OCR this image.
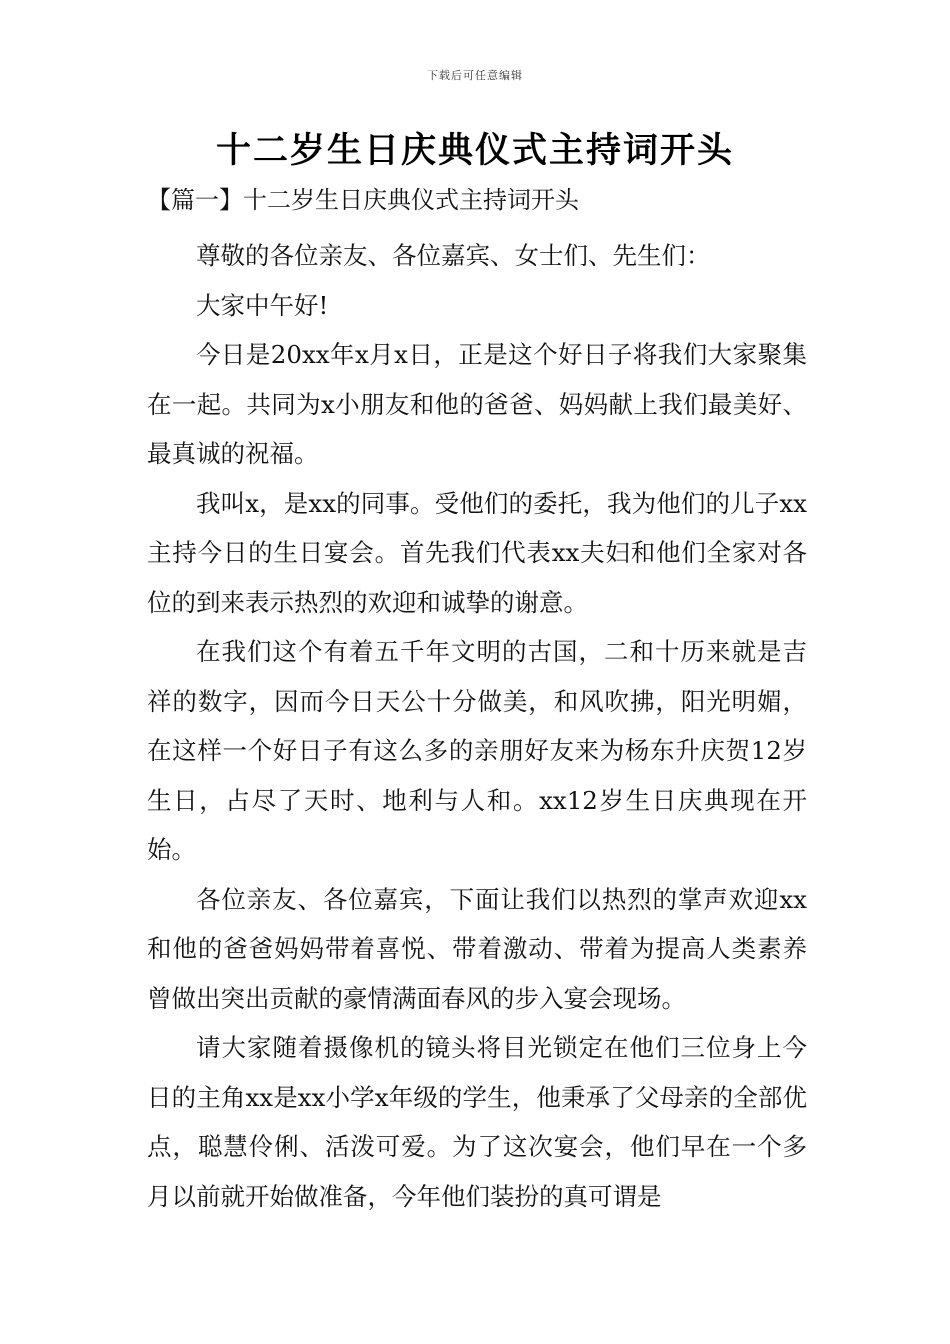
下载后可任意编辑
十二岁生日庆典仪式主持词开头
【篇一】十二岁生日庆典仪式主持词开头

尊敬的各位亲友、各位嘉宾、女士们、先生们：

大家中午好!

今日是20xx年x月x日，正是这个好日子将我们大家聚集在一起。共同为x小朋友和他的爸爸、妈妈献上我们最美好、最真诚的祝福。

我叫x，是xx的同事。受他们的委托，我为他们的儿子xx主持今日的生日宴会。首先我们代表xx夫妇和他们全家对各位的到来表示热烈的欢迎和诚挚的谢意。

在我们这个有着五千年文明的古国，二和十历来就是吉祥的数字，因而今日天公十分做美，和风吹拂，阳光明媚，在这样一个好日子有这么多的亲朋好友来为杨东升庆贺12岁生日，占尽了天时、地利与人和。xx12岁生日庆典现在开始。

各位亲友、各位嘉宾，下面让我们以热烈的掌声欢迎xx和他的爸爸妈妈带着喜悦、带着激动、带着为提高人类素养曾做出突出贡献的豪情满面春风的步入宴会现场。

请大家随着摄像机的镜头将目光锁定在他们三位身上今日的主角xx是xx小学x年级的学生，他秉承了父母亲的全部优点，聪慧伶俐、活泼可爱。为了这次宴会，他们早在一个多月以前就开始做准备，今年他们装扮的真可谓是
